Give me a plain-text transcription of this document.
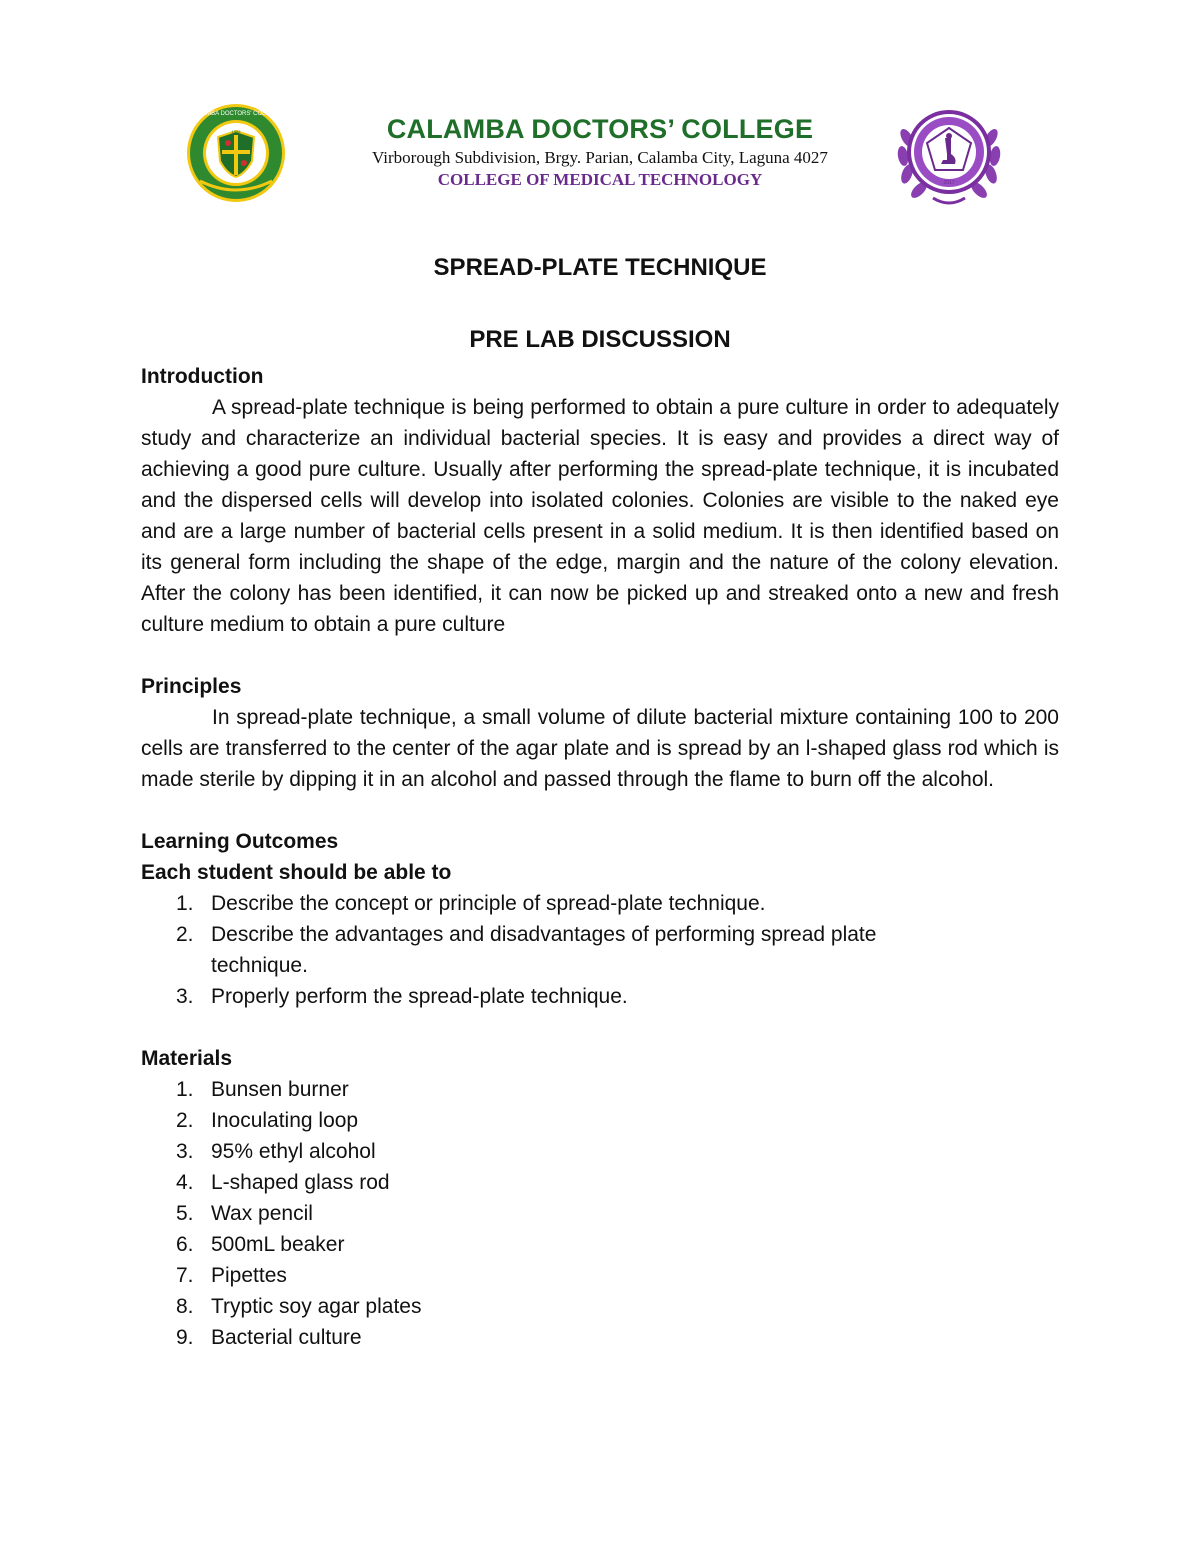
CALAMBA DOCTORS' COLLEGE
1995	CALAMBA DOCTORS’ COLLEGE
Virborough Subdivision, Brgy. Parian, Calamba City, Laguna 4027
COLLEGE OF MEDICAL TECHNOLOGY	2017
SPREAD-PLATE TECHNIQUE
PRE LAB DISCUSSION
Introduction
A spread-plate technique is being performed to obtain a pure culture in order to adequately study and characterize an individual bacterial species. It is easy and provides a direct way of achieving a good pure culture. Usually after performing the spread-plate technique, it is incubated and the dispersed cells will develop into isolated colonies. Colonies are visible to the naked eye and are a large number of bacterial cells present in a solid medium. It is then identified based on its general form including the shape of the edge, margin and the nature of the colony elevation. After the colony has been identified, it can now be picked up and streaked onto a new and fresh culture medium to obtain a pure culture
Principles
In spread-plate technique, a small volume of dilute bacterial mixture containing 100 to 200 cells are transferred to the center of the agar plate and is spread by an l-shaped glass rod which is made sterile by dipping it in an alcohol and passed through the flame to burn off the alcohol.
Learning Outcomes
Each student should be able to
1. Describe the concept or principle of spread-plate technique.
2. Describe the advantages and disadvantages of performing spread plate technique.
3. Properly perform the spread-plate technique.
Materials
1. Bunsen burner
2. Inoculating loop
3. 95% ethyl alcohol
4. L-shaped glass rod
5. Wax pencil
6. 500mL beaker
7. Pipettes
8. Tryptic soy agar plates
9. Bacterial culture
